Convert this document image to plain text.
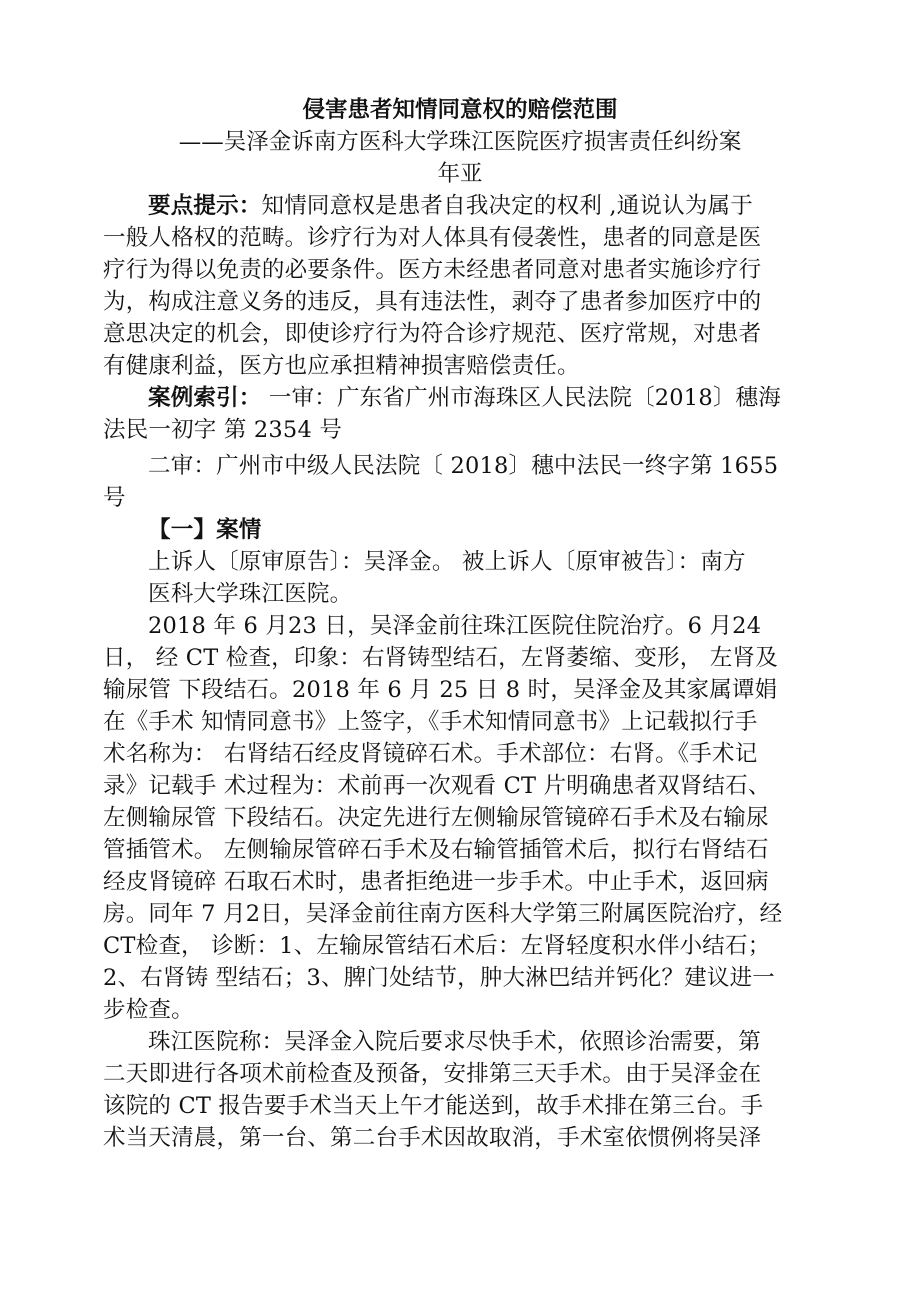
侵害患者知情同意权的赔偿范围
——吴泽金诉南方医科大学珠江医院医疗损害责任纠纷案
年亚
要点提示：知情同意权是患者自我决定的权利 ,通说认为属于
一般人格权的范畴。诊疗行为对人体具有侵袭性，患者的同意是医
疗行为得以免责的必要条件。医方未经患者同意对患者实施诊疗行
为，构成注意义务的违反，具有违法性，剥夺了患者参加医疗中的
意思决定的机会，即使诊疗行为符合诊疗规范、医疗常规，对患者
有健康利益，医方也应承担精神损害赔偿责任。
案例索引： 一审：广东省广州市海珠区人民法院〔2018〕穗海
法民一初字 第 2354 号
二审：广州市中级人民法院〔 2018〕穗中法民一终字第 1655
号
【一】案情
上诉人〔原审原告〕：吴泽金。 被上诉人〔原审被告〕：南方
医科大学珠江医院。
2018 年 6 月23 日，吴泽金前往珠江医院住院治疗。6 月24
日， 经 CT 检查，印象：右肾铸型结石，左肾萎缩、变形， 左肾及
输尿管 下段结石。2018 年 6 月 25 日 8 时，吴泽金及其家属谭娟
在《手术 知情同意书》上签字，《手术知情同意书》上记载拟行手
术名称为： 右肾结石经皮肾镜碎石术。手术部位：右肾。《手术记
录》记载手 术过程为：术前再一次观看 CT 片明确患者双肾结石、
左侧输尿管 下段结石。决定先进行左侧输尿管镜碎石手术及右输尿
管插管术。 左侧输尿管碎石手术及右输管插管术后，拟行右肾结石
经皮肾镜碎 石取石术时，患者拒绝进一步手术。中止手术，返回病
房。同年 7 月2日，吴泽金前往南方医科大学第三附属医院治疗，经
CT检查， 诊断：1、左输尿管结石术后：左肾轻度积水伴小结石；
2、右肾铸 型结石；3、脾门处结节，肿大淋巴结并钙化？建议进一
步检查。
珠江医院称：吴泽金入院后要求尽快手术，依照诊治需要，第
二天即进行各项术前检查及预备，安排第三天手术。由于吴泽金在
该院的 CT 报告要手术当天上午才能送到，故手术排在第三台。手
术当天清晨，第一台、第二台手术因故取消，手术室依惯例将吴泽
